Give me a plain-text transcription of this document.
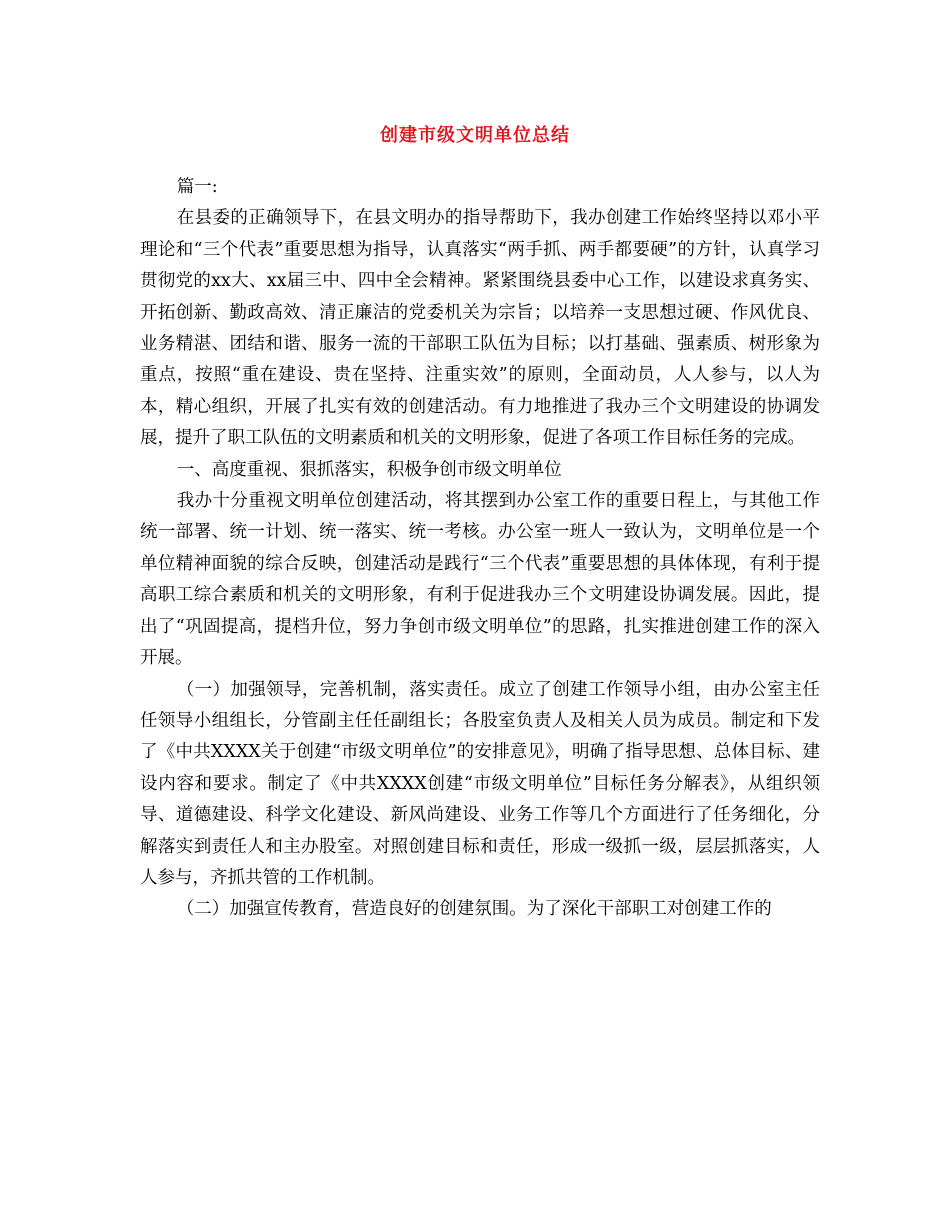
创建市级文明单位总结

篇一:

在县委的正确领导下，在县文明办的指导帮助下，我办创建工作始终坚持以邓小平理论和“三个代表”重要思想为指导，认真落实“两手抓、两手都要硬”的方针，认真学习贯彻党的xx大、xx届三中、四中全会精神。紧紧围绕县委中心工作，以建设求真务实、开拓创新、勤政高效、清正廉洁的党委机关为宗旨；以培养一支思想过硬、作风优良、业务精湛、团结和谐、服务一流的干部职工队伍为目标；以打基础、强素质、树形象为重点，按照“重在建设、贵在坚持、注重实效”的原则，全面动员，人人参与，以人为本，精心组织，开展了扎实有效的创建活动。有力地推进了我办三个文明建设的协调发展，提升了职工队伍的文明素质和机关的文明形象，促进了各项工作目标任务的完成。

一、高度重视、狠抓落实，积极争创市级文明单位

我办十分重视文明单位创建活动，将其摆到办公室工作的重要日程上，与其他工作统一部署、统一计划、统一落实、统一考核。办公室一班人一致认为，文明单位是一个单位精神面貌的综合反映，创建活动是践行“三个代表”重要思想的具体体现，有利于提高职工综合素质和机关的文明形象，有利于促进我办三个文明建设协调发展。因此，提出了“巩固提高，提档升位，努力争创市级文明单位”的思路，扎实推进创建工作的深入开展。

（一）加强领导，完善机制，落实责任。成立了创建工作领导小组，由办公室主任任领导小组组长，分管副主任任副组长；各股室负责人及相关人员为成员。制定和下发了《中共XXXX关于创建“市级文明单位”的安排意见》，明确了指导思想、总体目标、建设内容和要求。制定了《中共XXXX创建“市级文明单位”目标任务分解表》，从组织领导、道德建设、科学文化建设、新风尚建设、业务工作等几个方面进行了任务细化，分解落实到责任人和主办股室。对照创建目标和责任，形成一级抓一级，层层抓落实，人人参与，齐抓共管的工作机制。

（二）加强宣传教育，营造良好的创建氛围。为了深化干部职工对创建工作的
